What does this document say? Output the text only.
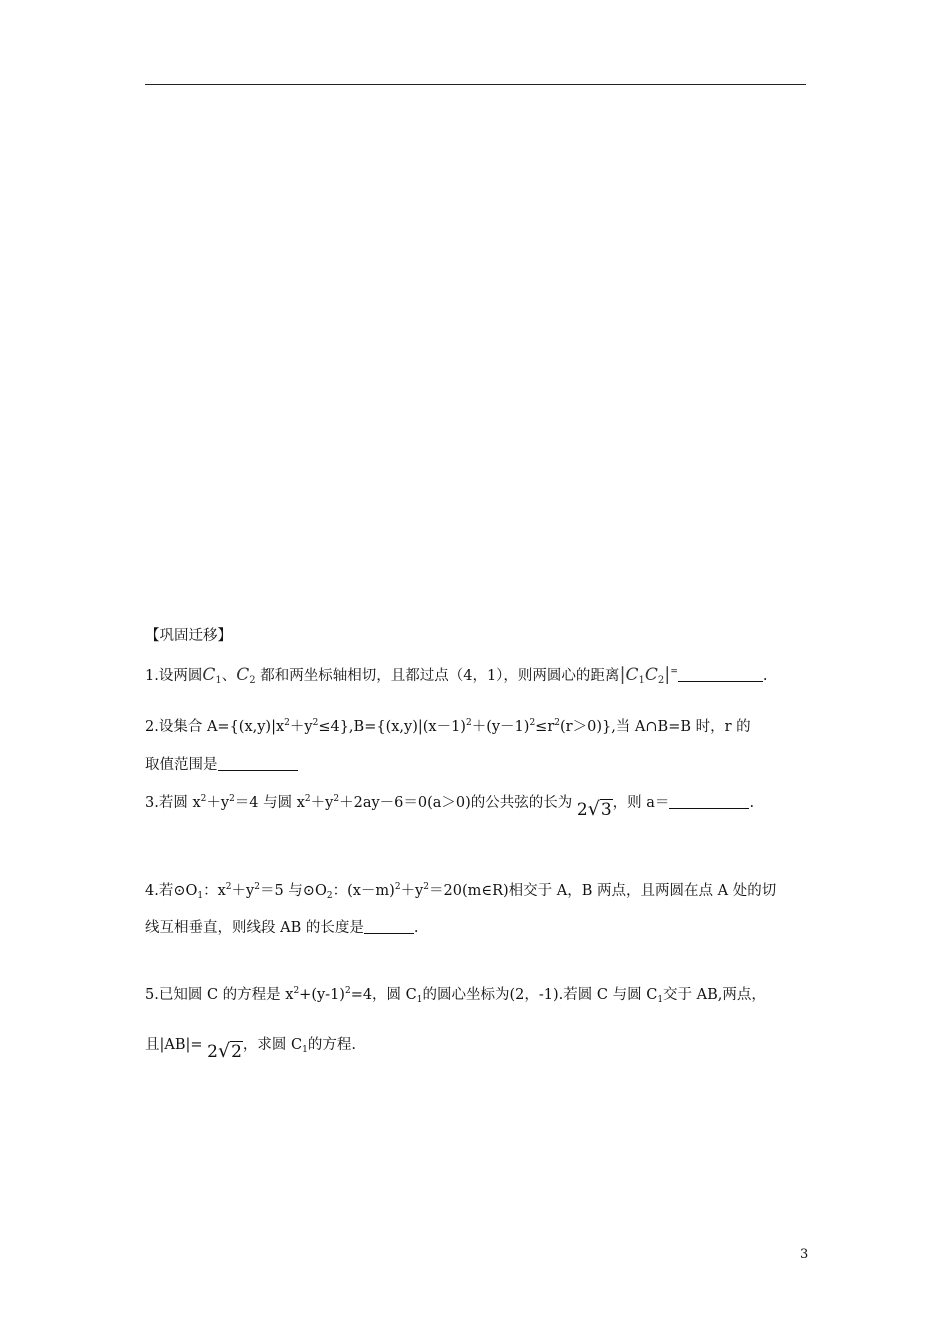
【巩固迁移】
1.设两圆$C_1$、$C_2$ 都和两坐标轴相切，且都过点（4，1），则两圆心的距离$|C_1C_2|^=$	.
2.设集合 $A=\{(x,y)|x^2+y^2\le 4\},B=\{(x,y)|(x-1)^2+(y-1)^2\le r^2(r>0)\}$,当 A∩B=B 时，r 的
取值范围是
3.若圆 $x^2+y^2=4$ 与圆 $x^2+y^2+2ay-6=0(a>0)$的公共弦的长为 2√3，则 a＝	.
4.若$⊙O_1$：$x^2+y^2=5$ 与$⊙O_2$：$(x-m)^2+y^2=20(m\in R)$相交于 A，B 两点，且两圆在点 A 处的切
线互相垂直，则线段 AB 的长度是	.
5.已知圆 C 的方程是 $x^2+(y-1)^2=4$，圆 $C_1$的圆心坐标为(2，-1).若圆 C 与圆 $C_1$交于 AB,两点，
且|AB|= 2√2，求圆 $C_1$的方程.
3
